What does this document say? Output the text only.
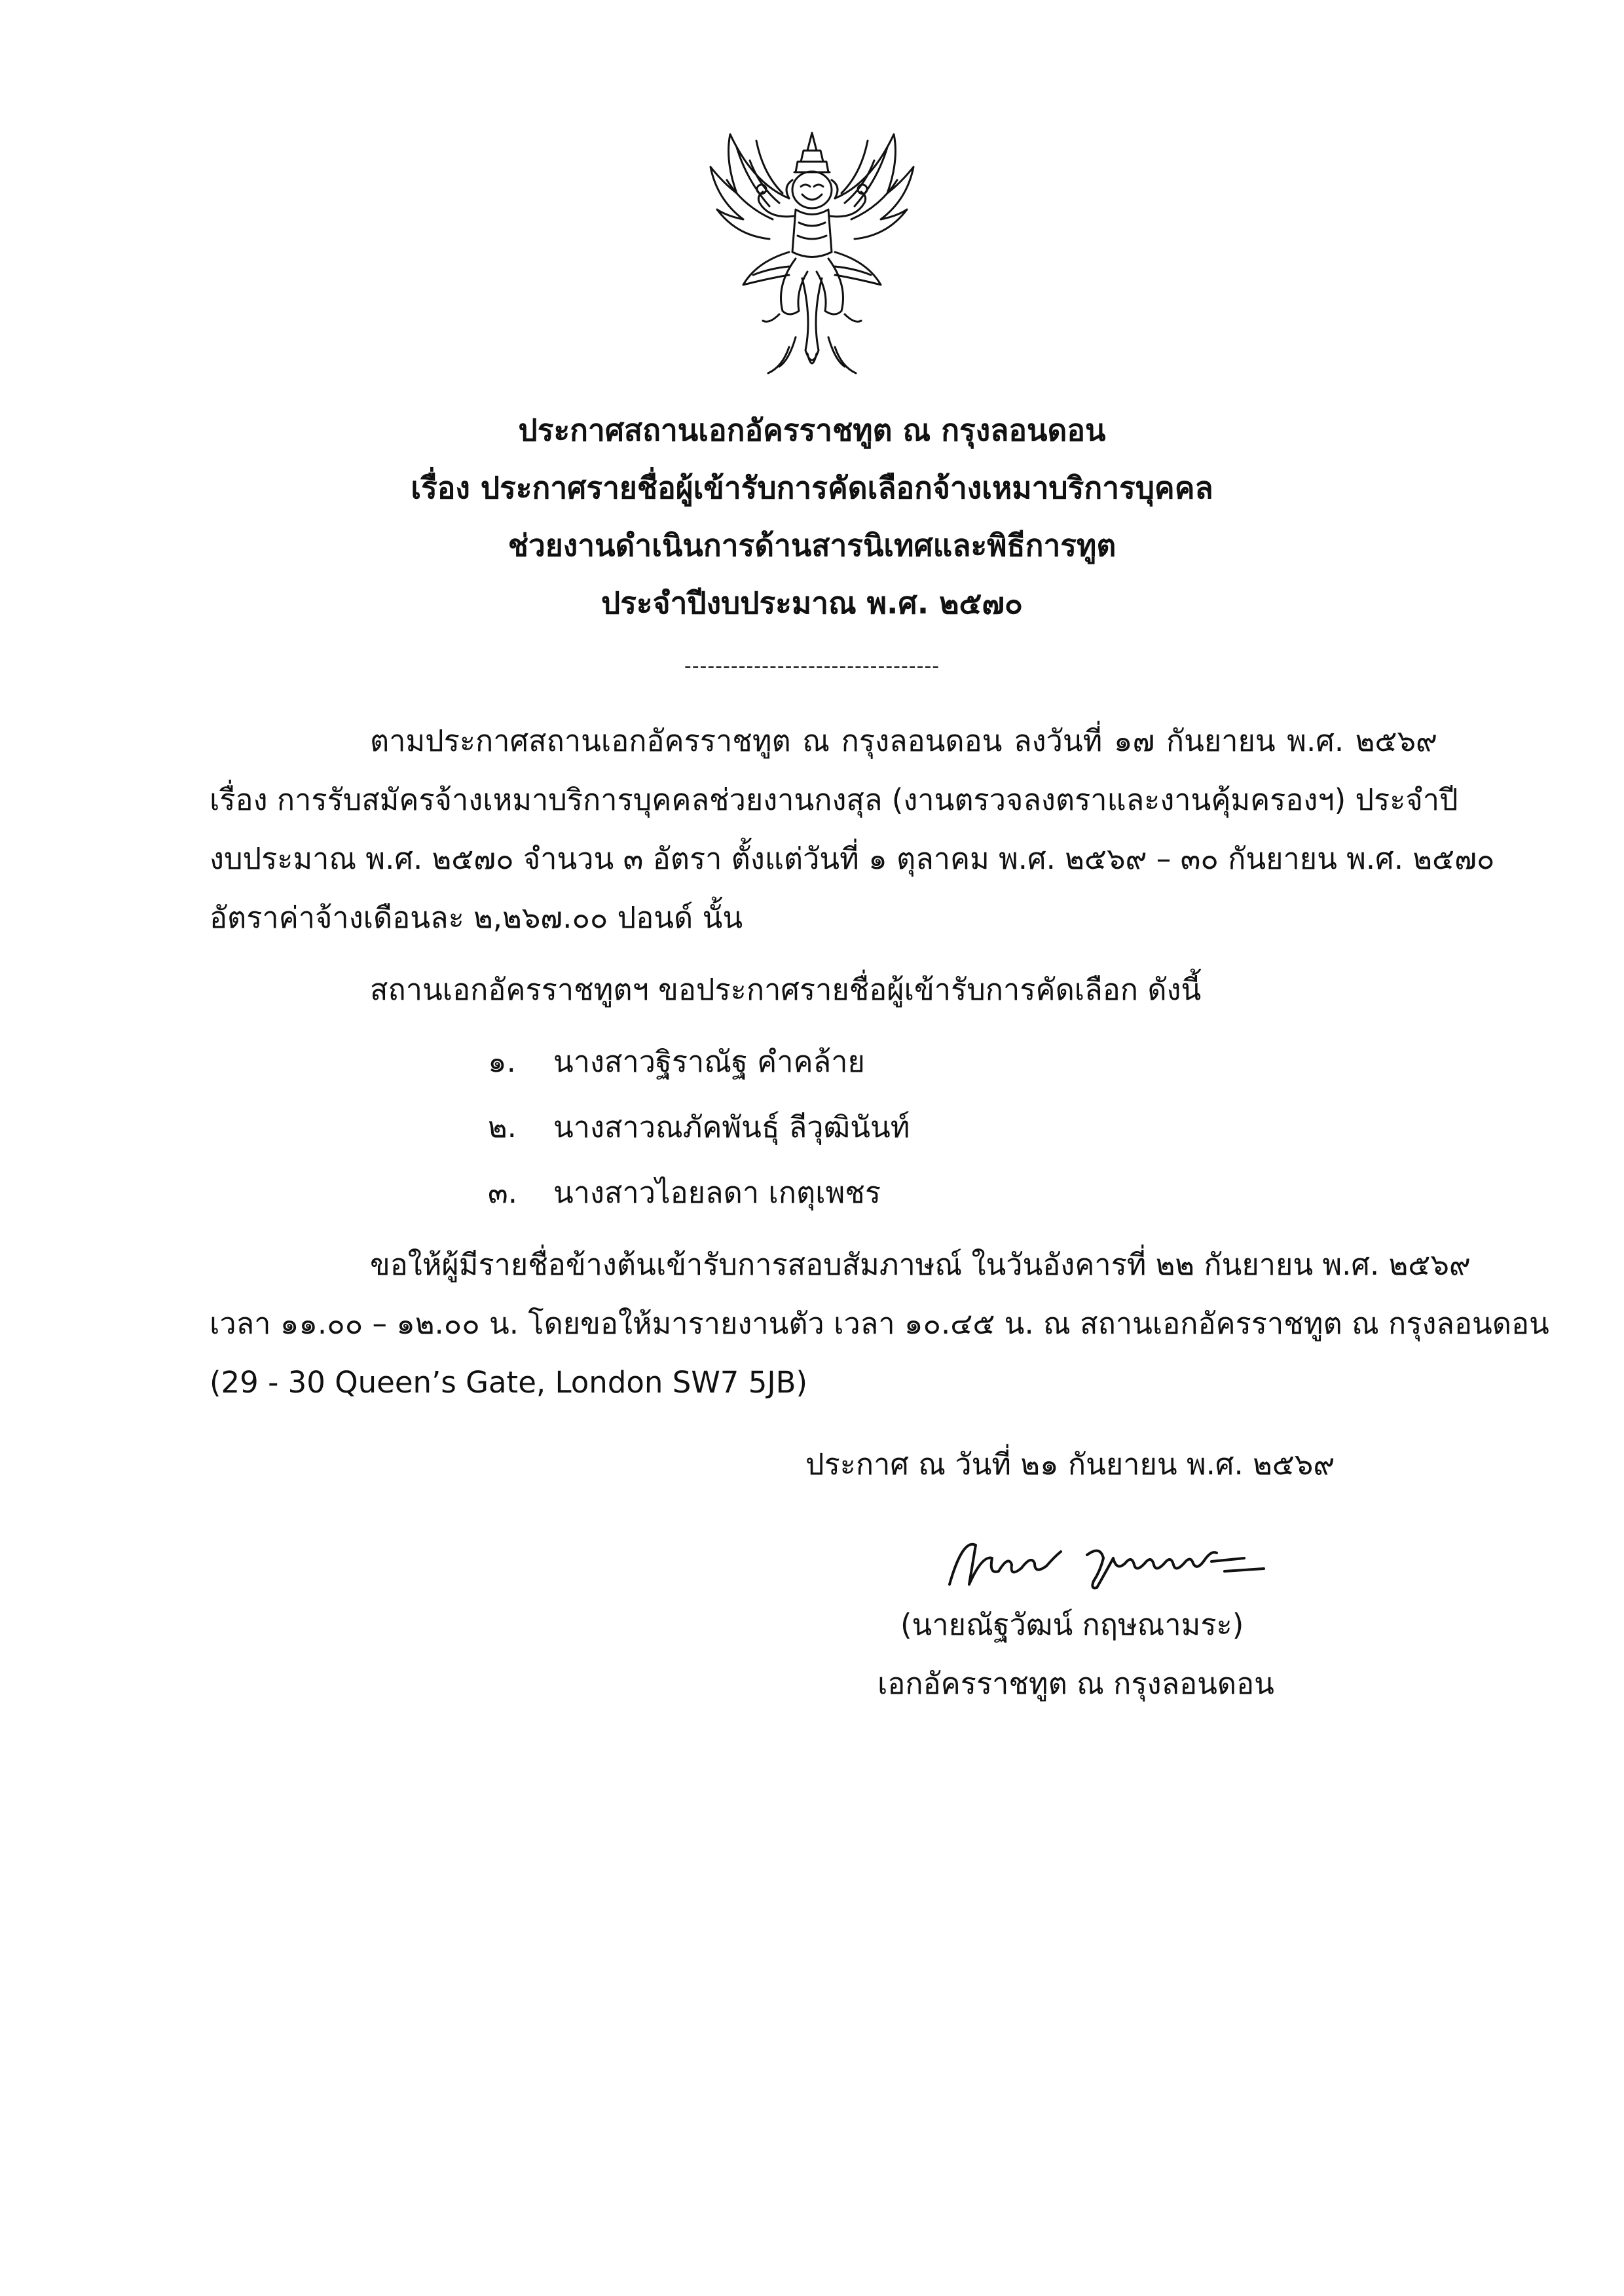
ประกาศสถานเอกอัครราชทูต ณ กรุงลอนดอน
เรื่อง ประกาศรายชื่อผู้เข้ารับการคัดเลือกจ้างเหมาบริการบุคคล
ช่วยงานดำเนินการด้านสารนิเทศและพิธีการทูต
ประจำปีงบประมาณ พ.ศ. ๒๕๗๐
---------------------------------
ตามประกาศสถานเอกอัครราชทูต ณ กรุงลอนดอน ลงวันที่ ๑๗ กันยายน พ.ศ. ๒๕๖๙
เรื่อง การรับสมัครจ้างเหมาบริการบุคคลช่วยงานกงสุล (งานตรวจลงตราและงานคุ้มครองฯ) ประจำปี
งบประมาณ พ.ศ. ๒๕๗๐ จำนวน ๓ อัตรา ตั้งแต่วันที่ ๑ ตุลาคม พ.ศ. ๒๕๖๙ – ๓๐ กันยายน พ.ศ. ๒๕๗๐
อัตราค่าจ้างเดือนละ ๒,๒๖๗.๐๐ ปอนด์ นั้น
สถานเอกอัครราชทูตฯ ขอประกาศรายชื่อผู้เข้ารับการคัดเลือก ดังนี้
๑. นางสาวฐิราณัฐ คำคล้าย
๒. นางสาวณภัคพันธุ์ ลีวุฒินันท์
๓. นางสาวไอยลดา เกตุเพชร
ขอให้ผู้มีรายชื่อข้างต้นเข้ารับการสอบสัมภาษณ์ ในวันอังคารที่ ๒๒ กันยายน พ.ศ. ๒๕๖๙
เวลา ๑๑.๐๐ – ๑๒.๐๐ น. โดยขอให้มารายงานตัว เวลา ๑๐.๔๕ น. ณ สถานเอกอัครราชทูต ณ กรุงลอนดอน
(29 - 30 Queen’s Gate, London SW7 5JB)
ประกาศ ณ วันที่ ๒๑ กันยายน พ.ศ. ๒๕๖๙
(นายณัฐวัฒน์ กฤษณามระ)
เอกอัครราชทูต ณ กรุงลอนดอน
